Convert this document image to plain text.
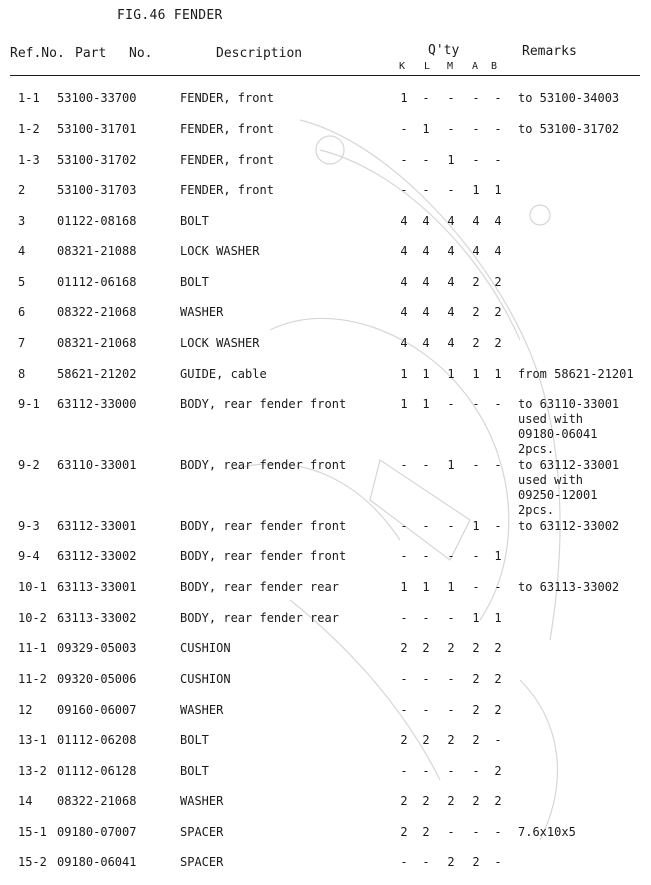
FIG.46 FENDER
Ref.No. Part No.	Description	Q'ty	Remarks
K L M A B
1-1 53100-33700	FENDER, front	1 - - - - to 53100-34003
1-2 53100-31701	FENDER, front	- 1 - - - to 53100-31702
1-3 53100-31702	FENDER, front	- - 1 - -
2	53100-31703	FENDER, front	- - - 1 1
3	01122-08168	BOLT	4 4 4 4 4
4	08321-21088	LOCK WASHER	4 4 4 4 4
5	01112-06168	BOLT	4 4 4 2 2
6	08322-21068	WASHER	4 4 4 2 2
7	08321-21068	LOCK WASHER	4 4 4 2 2
8	58621-21202	GUIDE, cable	1 1 1 1 1 from 58621-21201
9-1 63112-33000	BODY, rear fender front	1 1 - - - to 63110-33001
used with
09180-06041
2pcs.
9-2 63110-33001	BODY, rear fender front	- - 1 - - to 63112-33001
used with
09250-12001
2pcs.
9-3 63112-33001	BODY, rear fender front	- - - 1 - to 63112-33002
9-4 63112-33002	BODY, rear fender front	- - - - 1
10-1 63113-33001	BODY, rear fender rear	1 1 1 - - to 63113-33002
10-2 63113-33002	BODY, rear fender rear	- - - 1 1
11-1 09329-05003	CUSHION	2 2 2 2 2
11-2 09320-05006	CUSHION	- - - 2 2
12 09160-06007	WASHER	- - - 2 2
13-1 01112-06208	BOLT	2 2 2 2 -
13-2 01112-06128	BOLT	- - - - 2
14 08322-21068	WASHER	2 2 2 2 2
15-1 09180-07007	SPACER	2 2 - - - 7.6x10x5
15-2 09180-06041	SPACER	- - 2 2 -
